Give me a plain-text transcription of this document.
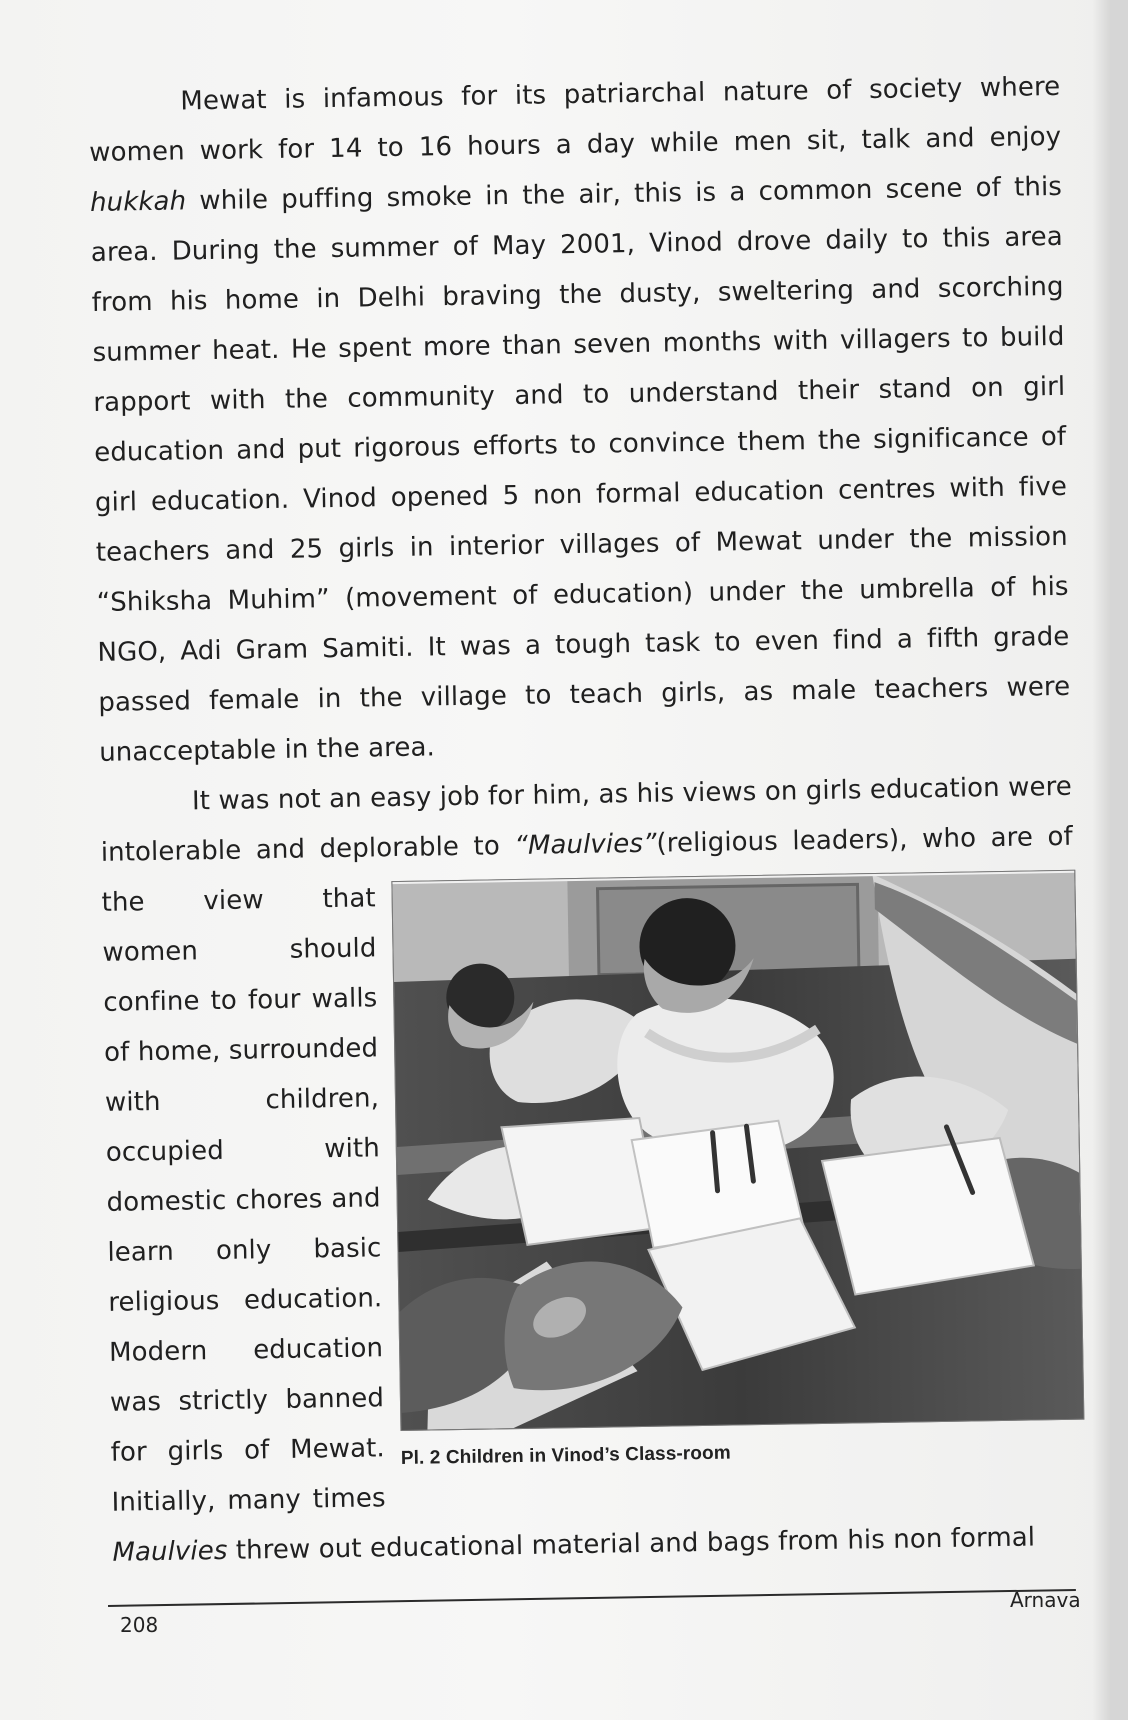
Mewat is infamous for its patriarchal nature of society where women work for 14 to 16 hours a day while men sit, talk and enjoy hukkah while puffing smoke in the air, this is a common scene of this area. During the summer of May 2001, Vinod drove daily to this area from his home in Delhi braving the dusty, sweltering and scorching summer heat. He spent more than seven months with villagers to build rapport with the community and to understand their stand on girl education and put rigorous efforts to convince them the significance of girl education. Vinod opened 5 non formal education centres with five teachers and 25 girls in interior villages of Mewat under the mission “Shiksha Muhim” (movement of education) under the umbrella of his NGO, Adi Gram Samiti. It was a tough task to even find a fifth grade passed female in the village to teach girls, as male teachers were unacceptable in the area.

It was not an easy job for him, as his views on girls education were intolerable and deplorable to
Pl. 2 Children in Vinod’s Class-room
“Maulvies”(religious leaders), who are of the view that women should confine to four walls of home, surrounded with children, occupied with domestic chores and learn only basic religious education. Modern education was strictly banned for girls of Mewat. Initially, many times Maulvies threw out educational material and bags from his non formal

208
Arnava
